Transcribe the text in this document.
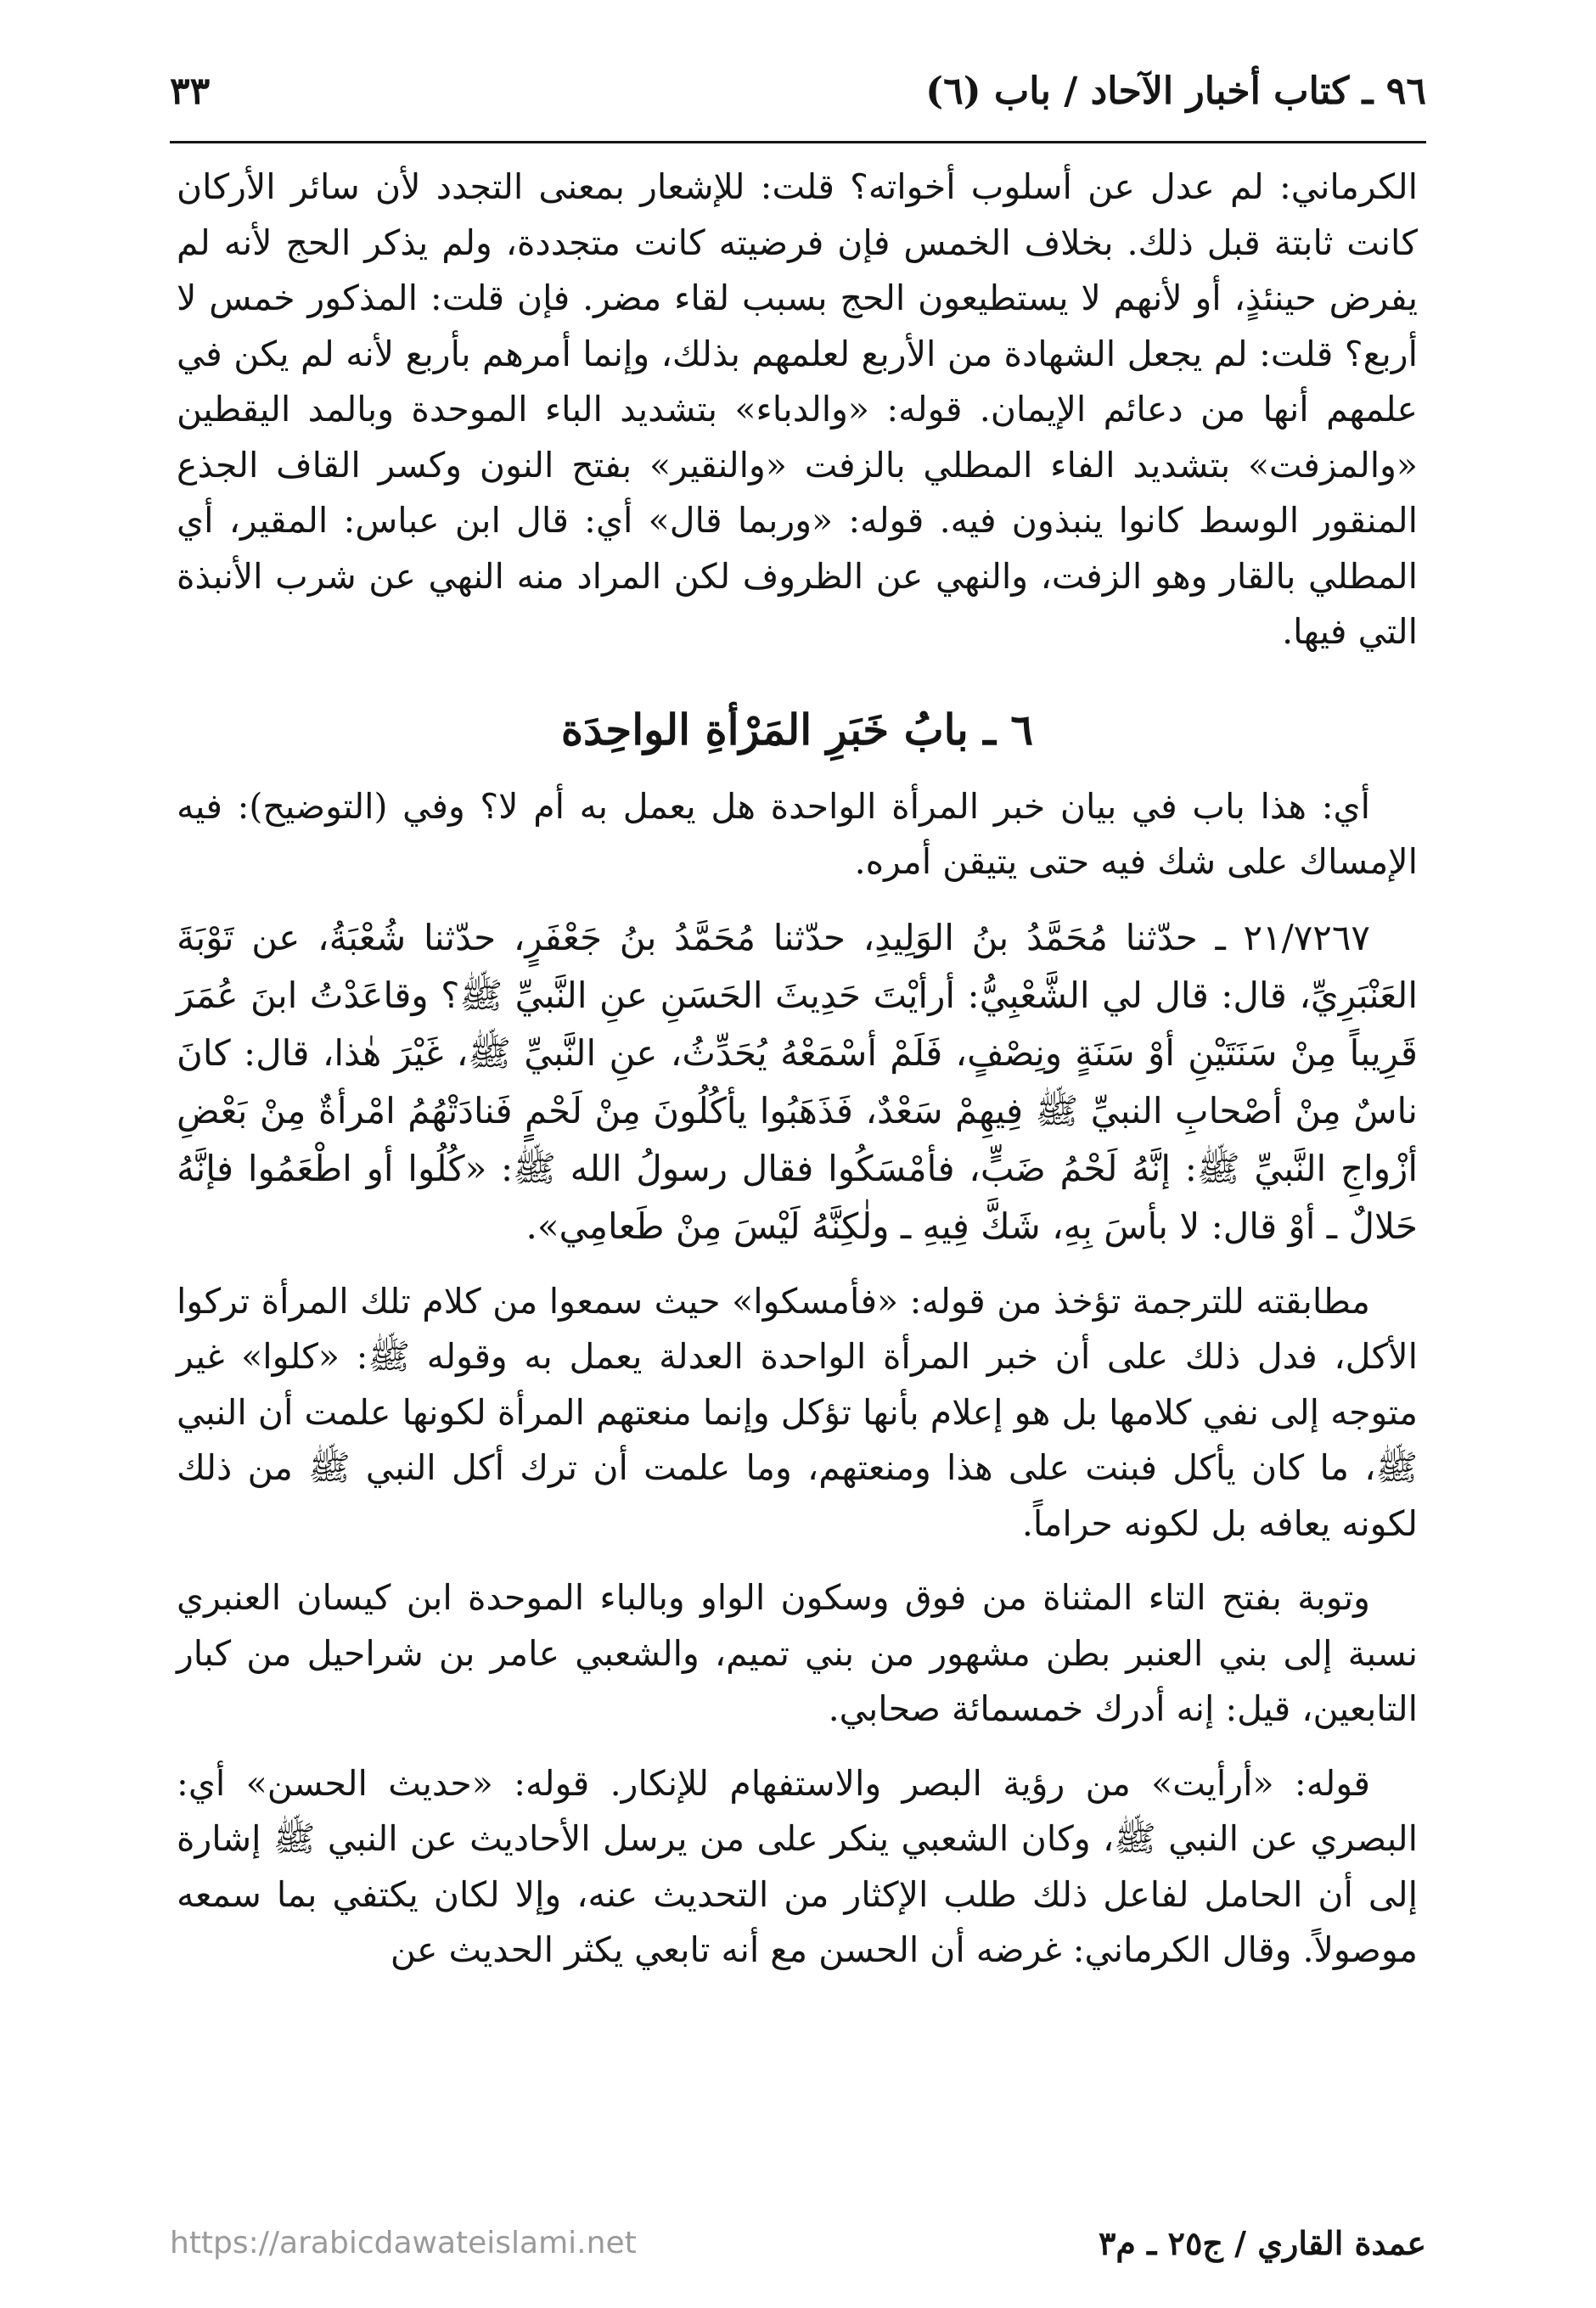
٩٦ ـ كتاب أخبار الآحاد / باب (٦)
٣٣

الكرماني: لم عدل عن أسلوب أخواته؟ قلت: للإشعار بمعنى التجدد لأن سائر الأركان كانت ثابتة قبل ذلك. بخلاف الخمس فإن فرضيته كانت متجددة، ولم يذكر الحج لأنه لم يفرض حينئذٍ، أو لأنهم لا يستطيعون الحج بسبب لقاء مضر. فإن قلت: المذكور خمس لا أربع؟ قلت: لم يجعل الشهادة من الأربع لعلمهم بذلك، وإنما أمرهم بأربع لأنه لم يكن في علمهم أنها من دعائم الإيمان. قوله: «والدباء» بتشديد الباء الموحدة وبالمد اليقطين «والمزفت» بتشديد الفاء المطلي بالزفت «والنقير» بفتح النون وكسر القاف الجذع المنقور الوسط كانوا ينبذون فيه. قوله: «وربما قال» أي: قال ابن عباس: المقير، أي المطلي بالقار وهو الزفت، والنهي عن الظروف لكن المراد منه النهي عن شرب الأنبذة التي فيها.

٦ ـ بابُ خَبَرِ المَرْأةِ الواحِدَة

أي: هذا باب في بيان خبر المرأة الواحدة هل يعمل به أم لا؟ وفي (التوضيح): فيه الإمساك على شك فيه حتى يتيقن أمره.

٢١/٧٢٦٧ ـ حدّثنا مُحَمَّدُ بنُ الوَلِيدِ، حدّثنا مُحَمَّدُ بنُ جَعْفَرٍ، حدّثنا شُعْبَةُ، عن تَوْبَةَ العَنْبَرِيِّ، قال: قال لي الشَّعْبِيُّ: أرأيْتَ حَدِيثَ الحَسَنِ عنِ النَّبيِّ ﷺ؟ وقاعَدْتُ ابنَ عُمَرَ قَرِيباً مِنْ سَنَتَيْنِ أوْ سَنَةٍ ونِصْفٍ، فَلَمْ أسْمَعْهُ يُحَدِّثُ، عنِ النَّبيِّ ﷺ، غَيْرَ هٰذا، قال: كانَ ناسٌ مِنْ أصْحابِ النبيِّ ﷺ فِيهِمْ سَعْدٌ، فَذَهَبُوا يأكُلُونَ مِنْ لَحْمٍ فَنادَتْهُمُ امْرأةٌ مِنْ بَعْضِ أزْواجِ النَّبيِّ ﷺ: إنَّهُ لَحْمُ ضَبٍّ، فأمْسَكُوا فقال رسولُ الله ﷺ: «كُلُوا أو اطْعَمُوا فإنَّهُ حَلالٌ ـ أوْ قال: لا بأسَ بِهِ، شَكَّ فِيهِ ـ ولٰكِنَّهُ لَيْسَ مِنْ طَعامِي».

مطابقته للترجمة تؤخذ من قوله: «فأمسكوا» حيث سمعوا من كلام تلك المرأة تركوا الأكل، فدل ذلك على أن خبر المرأة الواحدة العدلة يعمل به وقوله ﷺ: «كلوا» غير متوجه إلى نفي كلامها بل هو إعلام بأنها تؤكل وإنما منعتهم المرأة لكونها علمت أن النبي ﷺ، ما كان يأكل فبنت على هذا ومنعتهم، وما علمت أن ترك أكل النبي ﷺ من ذلك لكونه يعافه بل لكونه حراماً.

وتوبة بفتح التاء المثناة من فوق وسكون الواو وبالباء الموحدة ابن كيسان العنبري نسبة إلى بني العنبر بطن مشهور من بني تميم، والشعبي عامر بن شراحيل من كبار التابعين، قيل: إنه أدرك خمسمائة صحابي.

قوله: «أرأيت» من رؤية البصر والاستفهام للإنكار. قوله: «حديث الحسن» أي: البصري عن النبي ﷺ، وكان الشعبي ينكر على من يرسل الأحاديث عن النبي ﷺ إشارة إلى أن الحامل لفاعل ذلك طلب الإكثار من التحديث عنه، وإلا لكان يكتفي بما سمعه موصولاً. وقال الكرماني: غرضه أن الحسن مع أنه تابعي يكثر الحديث عن

https://arabicdawateislami.net	عمدة القاري / ج٢٥ ـ م٣
